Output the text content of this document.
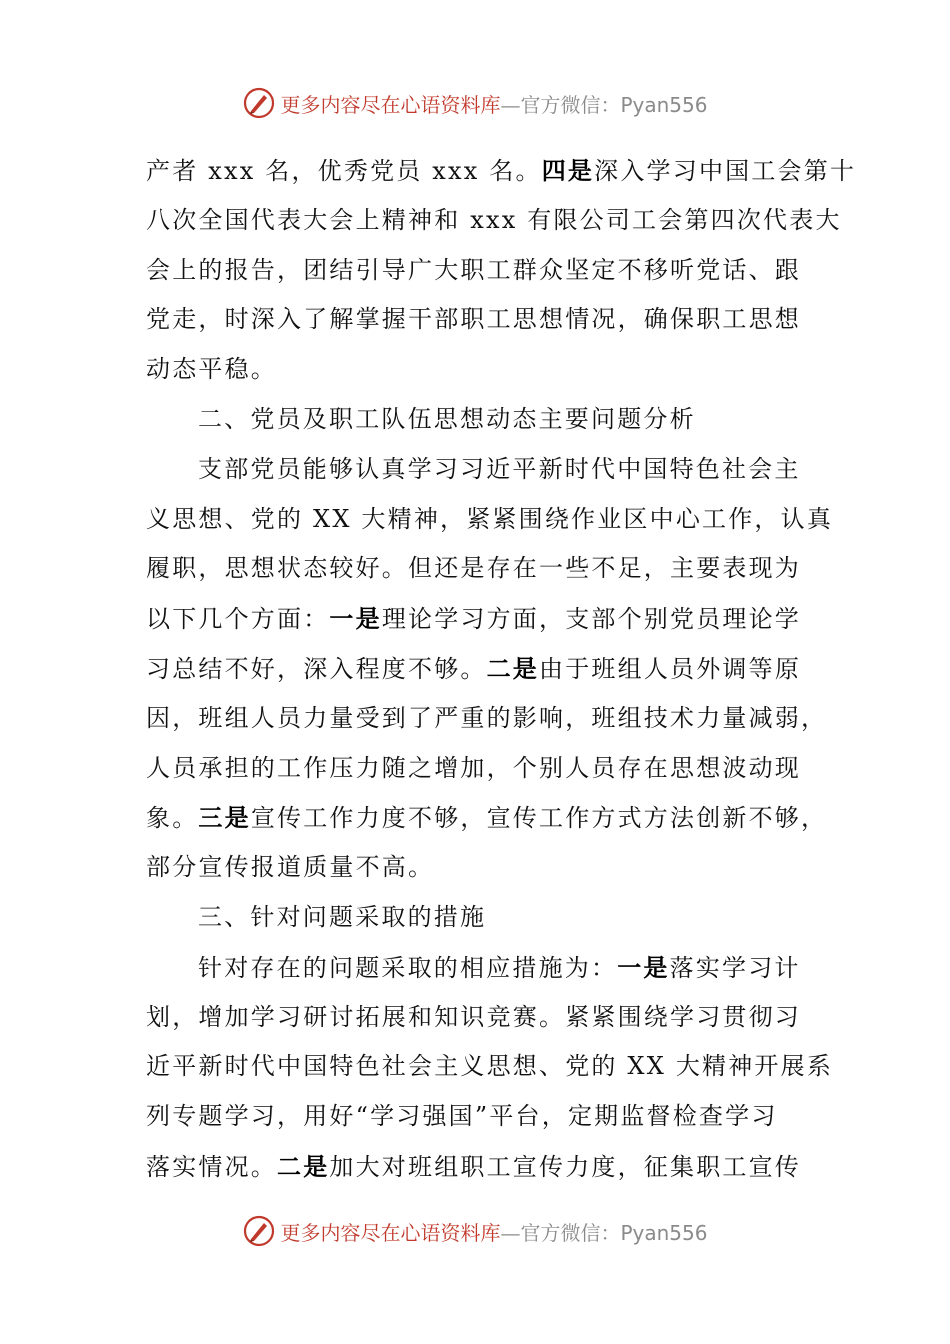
更多内容尽在心语资料库—官方微信：Pyan556
产者 xxx 名，优秀党员 xxx 名。四是深入学习中国工会第十
八次全国代表大会上精神和 xxx 有限公司工会第四次代表大
会上的报告，团结引导广大职工群众坚定不移听党话、跟
党走，时深入了解掌握干部职工思想情况，确保职工思想
动态平稳。
二、党员及职工队伍思想动态主要问题分析
支部党员能够认真学习习近平新时代中国特色社会主
义思想、党的 XX 大精神，紧紧围绕作业区中心工作，认真
履职，思想状态较好。但还是存在一些不足，主要表现为
以下几个方面：一是理论学习方面，支部个别党员理论学
习总结不好，深入程度不够。二是由于班组人员外调等原
因，班组人员力量受到了严重的影响，班组技术力量减弱，
人员承担的工作压力随之增加，个别人员存在思想波动现
象。三是宣传工作力度不够，宣传工作方式方法创新不够，
部分宣传报道质量不高。
三、针对问题采取的措施
针对存在的问题采取的相应措施为：一是落实学习计
划，增加学习研讨拓展和知识竞赛。紧紧围绕学习贯彻习
近平新时代中国特色社会主义思想、党的 XX 大精神开展系
列专题学习，用好“学习强国”平台，定期监督检查学习
落实情况。二是加大对班组职工宣传力度，征集职工宣传
更多内容尽在心语资料库—官方微信：Pyan556
